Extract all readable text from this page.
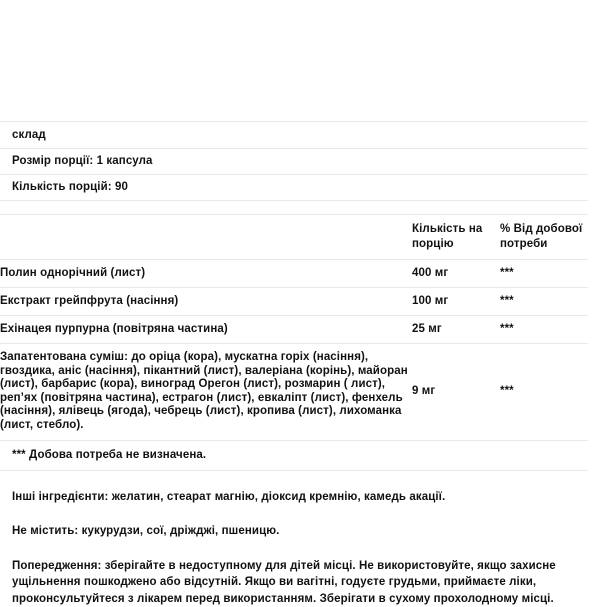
склад
Розмір порції: 1 капсула
Кількість порцій: 90
	Кількість на порцію	% Від добової потреби
Полин однорічний (лист)	400 мг	***
Екстракт грейпфрута (насіння)	100 мг	***
Ехінацея пурпурна (повітряна частина)	25 мг	***

Запатентована суміш: до оріца (кора), мускатна горіх (насіння), гвоздика, аніс (насіння), пікантний (лист), валеріана (корінь), майоран (лист), барбарис (кора), виноград Орегон (лист), розмарин ( лист), реп’ях (повітряна частина), естрагон (лист), евкаліпт (лист), фенхель (насіння), ялівець (ягода), чебрець (лист), кропива (лист), лихоманка (лист, стебло).	9 мг	***
*** Добова потреба не визначена.
Інші інгредієнти: желатин, стеарат магнію, діоксид кремнію, камедь акації.
Не містить: кукурудзи, сої, дріжджі, пшеницю.
Попередження: зберігайте в недоступному для дітей місці. Не використовуйте, якщо захисне ущільнення пошкоджено або відсутній. Якщо ви вагітні, годуєте грудьми, приймаєте ліки, проконсультуйтеся з лікарем перед використанням. Зберігати в сухому прохолодному місці.
